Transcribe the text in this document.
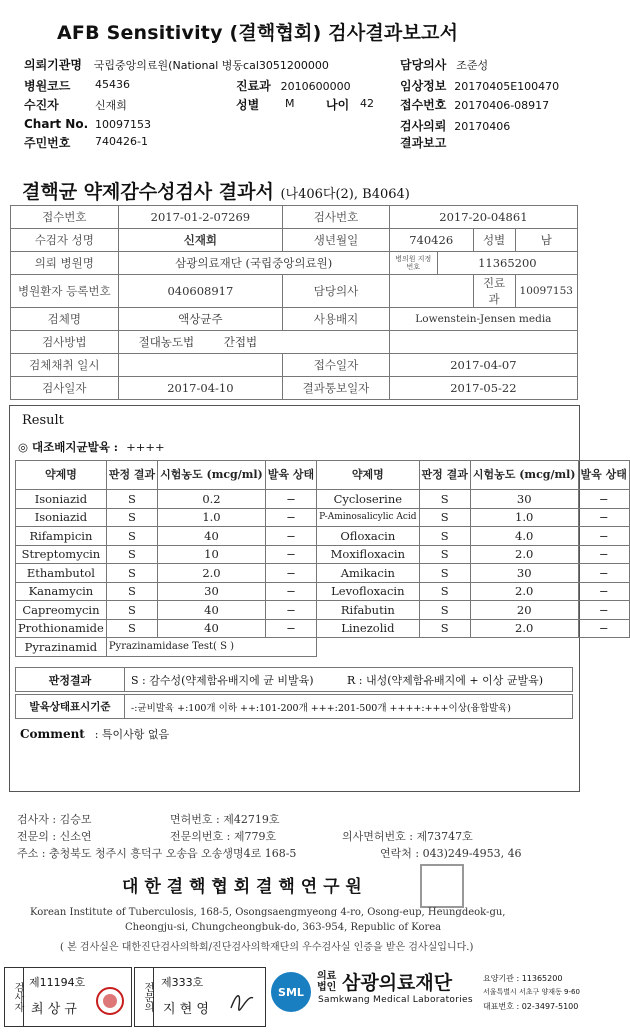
AFB Sensitivity (결핵협회) 검사결과보고서
의뢰기관명 국립중앙의료원(National 병동cal3051200000	담당의사 조준성
병원코드 45436	진료과 2010600000	임상정보 20170405E100470
수진자	신재희	성별 M	나이 42 접수번호 20170406-08917
Chart No. 10097153	검사의뢰 20170406
주민번호 740426-1	결과보고
결핵균 약제감수성검사 결과서 (나406다(2), B4064)
접수번호	2017-01-2-07269	검사번호	2017-20-04861			
수검자 성명	신재희	생년월일	740426		성별	남
의뢰 병원명	삼광의료재단 (국립중앙의료원)		병의원 지정번호	11365200		
병원환자 등록번호	040608917	담당의사			진료과	10097153
검체명	액상균주	사용배지	Lowenstein-Jensen media			
검사방법	절대농도법 간접법					
검체채취 일시		접수일자	2017-04-07			
검사일자	2017-04-10	결과통보일자	2017-05-22			
Result
◎ 대조배지균발육 : ++++
약제명	판정 결과	시험농도 (mcg/ml)	발육 상태	약제명	판정 결과	시험농도 (mcg/ml)	발육 상태
Isoniazid	S	0.2	−	Cycloserine	S	30	−
Isoniazid	S	1.0	−	P-Aminosalicylic Acid	S	1.0	−
Rifampicin	S	40	−	Ofloxacin	S	4.0	−
Streptomycin	S	10	−	Moxifloxacin	S	2.0	−
Ethambutol	S	2.0	−	Amikacin	S	30	−
Kanamycin	S	30	−	Levofloxacin	S	2.0	−
Capreomycin	S	40	−	Rifabutin	S	20	−
Prothionamide	S	40	−	Linezolid	S	2.0	−
Pyrazinamid	Pyrazinamidase Test( S )						
판정결과	S : 감수성(약제함유배지에 균 비발육)	R : 내성(약제함유배지에 + 이상 균발육)
발육상태표시기준	-:균비발육 +:100개 이하 ++:101-200개 +++:201-500개 ++++:+++이상(융합발육)
Comment : 특이사항 없음
검사자 : 김승모	면허번호 : 제42719호
전문의 : 신소연	전문의번호 : 제779호	의사면허번호 : 제73747호
주소 : 충청북도 청주시 흥덕구 오송읍 오송생명4로 168-5	연락처 : 043)249-4953, 46
대 한 결 핵 협 회 결 핵 연 구 원
Korean Institute of Tuberculosis, 168-5, Osongsaengmyeong 4-ro, Osong-eup, Heungdeok-gu,
Cheongju-si, Chungcheongbuk-do, 363-954, Republic of Korea
( 본 검사실은 대한진단검사의학회/진단검사의학재단의 우수검사실 인증을 받은 검사실입니다.)
검사자 제11194호
최 상 규	전문의 제333호
지 현 영
SML
의료 법인 삼광의료재단
Samkwang Medical Laboratories
요양기관 : 11365200
서울특별시 서초구 양재동 9-60
대표번호 : 02-3497-5100
